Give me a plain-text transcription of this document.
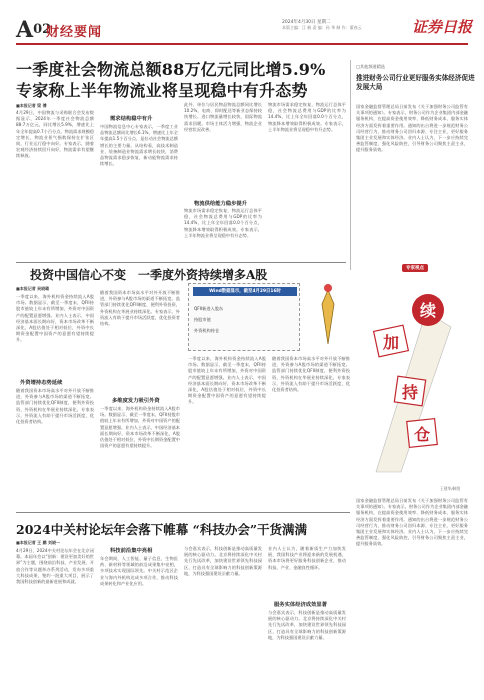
A02
财经要闻
2024年4月30日 星期二
本版主编：江 帆 责 编：孙 华 制 作：董春云	证券日报
一季度社会物流总额88万亿元同比增5.9%
专家称上半年物流业将呈现稳中有升态势
■本报记者 梁 傅
4月29日，中国物流与采购联合会发布数据显示，2024年一季度社会物流总额88.7万亿元，同比增长5.9%，增速比上年全年提高0.7个百分点。物流需求规模稳定增长，物流业景气指数保持在扩张区间，行业运行稳中向好。专家表示，随着宏观经济持续回升向好，物流需求有望继续释放。
需求结构稳中有升
中国物流信息中心专家表示，一季度工业品物流总额同比增长6.1%，增速比上年全年提高1.5个百分点，是拉动社会物流总额增长的主要力量。从结构看，高技术制造业、装备制造业物流需求增长较快，消费品物流需求稳步恢复，新动能物流需求持续增长。
此外，单位与居民物品物流总额同比增长10.2%，电商、即时配送等新业态保持较快增长。进口物流量增长较快，国际物流需求回暖。市场主体活力增强，物流企业经营状况改善。
物流供给能力稳步提升
物流市场需求稳定恢复，物流运行总体平稳，社会物流总费用与GDP的比率为14.4%，比上年全年回落0.0个百分点，物流降本增效取得积极成效。专家表示，上半年物流业将呈现稳中有升态势。
物流市场需求稳定恢复，物流运行总体平稳，社会物流总费用与GDP的比率为14.4%，比上年全年回落0.0个百分点，物流降本增效取得积极成效。专家表示，上半年物流业将呈现稳中有升态势。
□其他频道精选
推进财务公司行业更好服务实体经济促进发展大局
国家金融监督管理总局日前发布《关于加强财务公司监管有关事项的通知》。专家表示，财务公司作为企业集团内部金融服务机构，在提高资金使用效率、降低财务成本、服务实体经济方面发挥着重要作用。通知的出台将进一步规范财务公司经营行为，推动财务公司回归本源、专注主业，更好服务集团主业发展和实体经济。业内人士认为，下一步应持续完善监管制度，强化风险防控，引导财务公司聚焦主责主业，提升服务质效。
专家视点
投资中国信心不变　一季度外资持续增多A股
■本报记者 吴晓璐
一季度以来，海外机构资金持续流入A股市场。数据显示，截至一季度末，QFII持股市值较上年末有所增加，外资对中国资产的配置意愿增强。业内人士表示，中国经济基本面长期向好，资本市场改革不断深化，A股估值处于相对低位，外资中长期资金配置中国资产的意愿有望持续提升。
外资增持态势延续
随着我国资本市场高水平对外开放不断推进，外资参与A股市场的渠道不断拓宽。监管部门持续优化QFII制度，便利外资投资，外资机构在华展业持续深化。专家表示，外资流入有助于提升市场活跃度，优化投资者结构。
随着我国资本市场高水平对外开放不断推进，外资参与A股市场的渠道不断拓宽。监管部门持续优化QFII制度，便利外资投资，外资机构在华展业持续深化。专家表示，外资流入有助于提升市场活跃度，优化投资者结构。
多维度发力吸引外资
一季度以来，海外机构资金持续流入A股市场。数据显示，截至一季度末，QFII持股市值较上年末有所增加，外资对中国资产的配置意愿增强。业内人士表示，中国经济基本面长期向好，资本市场改革不断深化，A股估值处于相对低位，外资中长期资金配置中国资产的意愿有望持续提升。
Wind数据显示，截至4月29日16时
QFII新进入股东
持股市值
外资机构持仓
一季度以来，海外机构资金持续流入A股市场。数据显示，截至一季度末，QFII持股市值较上年末有所增加，外资对中国资产的配置意愿增强。业内人士表示，中国经济基本面长期向好，资本市场改革不断深化，A股估值处于相对低位，外资中长期资金配置中国资产的意愿有望持续提升。
随着我国资本市场高水平对外开放不断推进，外资参与A股市场的渠道不断拓宽。监管部门持续优化QFII制度，便利外资投资，外资机构在华展业持续深化。专家表示，外资流入有助于提升市场活跃度，优化投资者结构。
续
加
持
仓
王建华/制图
国家金融监督管理总局日前发布《关于加强财务公司监管有关事项的通知》。专家表示，财务公司作为企业集团内部金融服务机构，在提高资金使用效率、降低财务成本、服务实体经济方面发挥着重要作用。通知的出台将进一步规范财务公司经营行为，推动财务公司回归本源、专注主业，更好服务集团主业发展和实体经济。业内人士认为，下一步应持续完善监管制度，强化风险防控，引导财务公司聚焦主责主业，提升服务质效。
2024中关村论坛年会落下帷幕 “科技办会”干货满满
■本报记者 王 鹏 刘晓一
4月29日，2024中关村论坛年会在北京闭幕。本届年会以“创新：建设更加美好的世界”为主题，围绕前沿科技、产业发展、开放合作等议题举办系列活动，发布多项重大科技成果，签约一批重大项目，展示了我国科技创新的最新进展和成就。
科技前沿集中亮相
年会期间，人工智能、量子信息、生物医药、新材料等领域的前沿成果集中亮相，多项技术实现国际领先。中关村示范区企业与海内外机构达成多项合作，推动科技成果转化和产业化应用。
与会嘉宾表示，科技创新是推动高质量发展的核心驱动力。北京将持续深化中关村先行先试改革，加快建设世界领先科技园区，打造具有全球影响力的科技创新策源地，为科技强国建设贡献力量。
服务实体经济成效显著
业内人士认为，随着新质生产力加快发展，我国科技产业将迎来新的发展机遇，资本市场将更好服务科技创新企业，推动科技、产业、金融良性循环。
与会嘉宾表示，科技创新是推动高质量发展的核心驱动力。北京将持续深化中关村先行先试改革，加快建设世界领先科技园区，打造具有全球影响力的科技创新策源地，为科技强国建设贡献力量。
